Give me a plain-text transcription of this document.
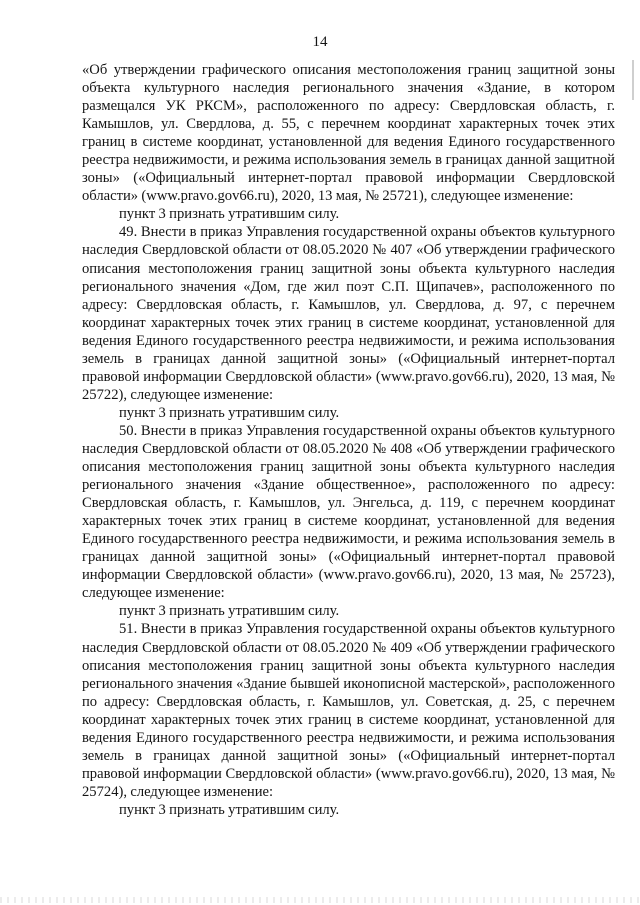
14

«Об утверждении графического описания местоположения границ защитной зоны объекта культурного наследия регионального значения «Здание, в котором размещался УК РКСМ», расположенного по адресу: Свердловская область, г. Камышлов, ул. Свердлова, д. 55, с перечнем координат характерных точек этих границ в системе координат, установленной для ведения Единого государственного реестра недвижимости, и режима использования земель в границах данной защитной зоны» («Официальный интернет-портал правовой информации Свердловской области» (www.pravo.gov66.ru), 2020, 13 мая, № 25721), следующее изменение:

пункт 3 признать утратившим силу.

49. Внести в приказ Управления государственной охраны объектов культурного наследия Свердловской области от 08.05.2020 № 407 «Об утверждении графического описания местоположения границ защитной зоны объекта культурного наследия регионального значения «Дом, где жил поэт С.П. Щипачев», расположенного по адресу: Свердловская область, г. Камышлов, ул. Свердлова, д. 97, с перечнем координат характерных точек этих границ в системе координат, установленной для ведения Единого государственного реестра недвижимости, и режима использования земель в границах данной защитной зоны» («Официальный интернет-портал правовой информации Свердловской области» (www.pravo.gov66.ru), 2020, 13 мая, № 25722), следующее изменение:

пункт 3 признать утратившим силу.

50. Внести в приказ Управления государственной охраны объектов культурного наследия Свердловской области от 08.05.2020 № 408 «Об утверждении графического описания местоположения границ защитной зоны объекта культурного наследия регионального значения «Здание общественное», расположенного по адресу: Свердловская область, г. Камышлов, ул. Энгельса, д. 119, с перечнем координат характерных точек этих границ в системе координат, установленной для ведения Единого государственного реестра недвижимости, и режима использования земель в границах данной защитной зоны» («Официальный интернет-портал правовой информации Свердловской области» (www.pravo.gov66.ru), 2020, 13 мая, № 25723), следующее изменение:

пункт 3 признать утратившим силу.

51. Внести в приказ Управления государственной охраны объектов культурного наследия Свердловской области от 08.05.2020 № 409 «Об утверждении графического описания местоположения границ защитной зоны объекта культурного наследия регионального значения «Здание бывшей иконописной мастерской», расположенного по адресу: Свердловская область, г. Камышлов, ул. Советская, д. 25, с перечнем координат характерных точек этих границ в системе координат, установленной для ведения Единого государственного реестра недвижимости, и режима использования земель в границах данной защитной зоны» («Официальный интернет-портал правовой информации Свердловской области» (www.pravo.gov66.ru), 2020, 13 мая, № 25724), следующее изменение:

пункт 3 признать утратившим силу.
